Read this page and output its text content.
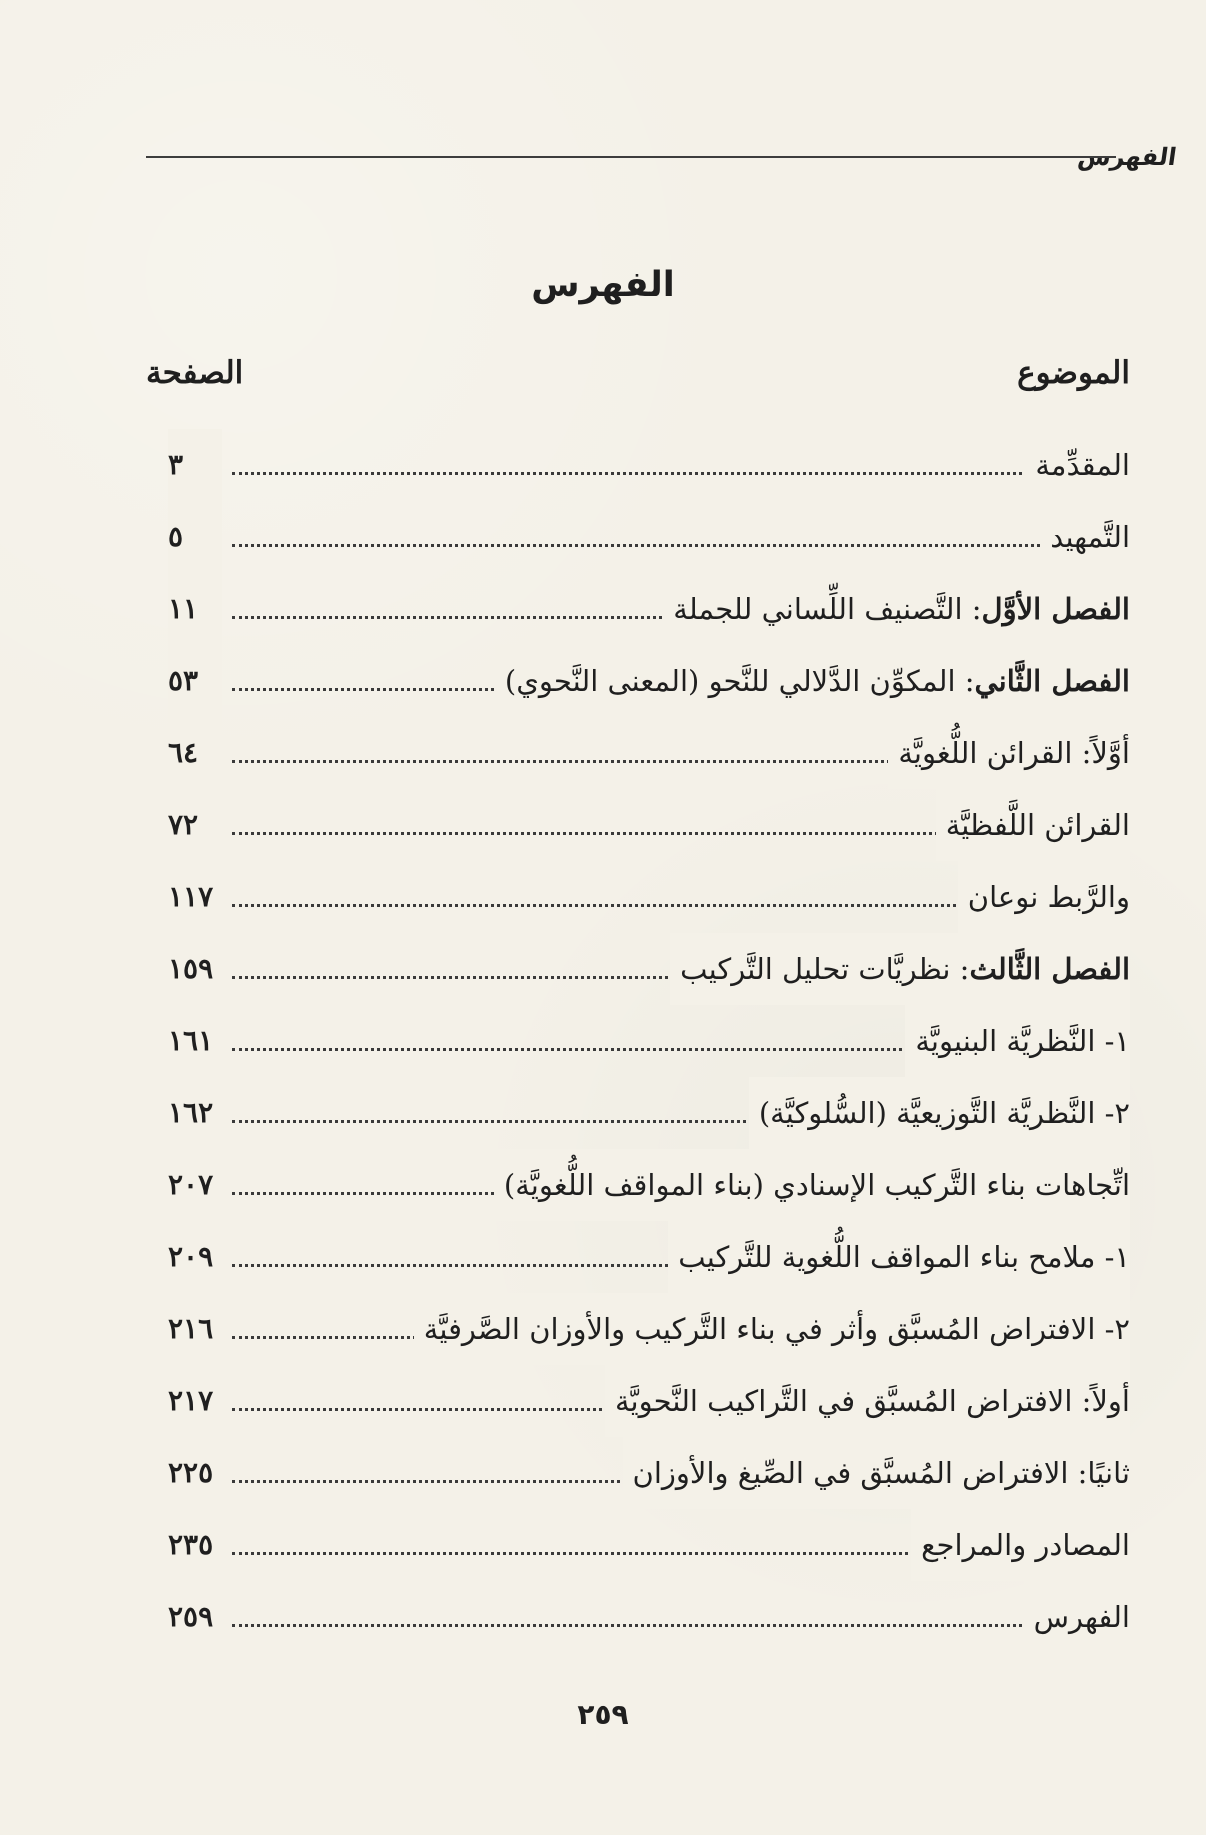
الفهرس
الفهرس
الموضوع
الصفحة
المقدِّمة
٣
التَّمهيد
٥
الفصل الأوَّل: التَّصنيف اللِّساني للجملة
١١
الفصل الثَّاني: المكوِّن الدَّلالي للنَّحو (المعنى النَّحوي)
٥٣
أوَّلاً: القرائن اللُّغويَّة
٦٤
القرائن اللَّفظيَّة
٧٢
والرَّبط نوعان
١١٧
الفصل الثَّالث: نظريَّات تحليل التَّركيب
١٥٩
١- النَّظريَّة البنيويَّة
١٦١
٢- النَّظريَّة التَّوزيعيَّة (السُّلوكيَّة)
١٦٢
اتِّجاهات بناء التَّركيب الإسنادي (بناء المواقف اللُّغويَّة)
٢٠٧
١- ملامح بناء المواقف اللُّغوية للتَّركيب
٢٠٩
٢- الافتراض المُسبَّق وأثر في بناء التَّركيب والأوزان الصَّرفيَّة
٢١٦
أولاً: الافتراض المُسبَّق في التَّراكيب النَّحويَّة
٢١٧
ثانيًا: الافتراض المُسبَّق في الصِّيغ والأوزان
٢٢٥
المصادر والمراجع
٢٣٥
الفهرس
٢٥٩
٢٥٩
